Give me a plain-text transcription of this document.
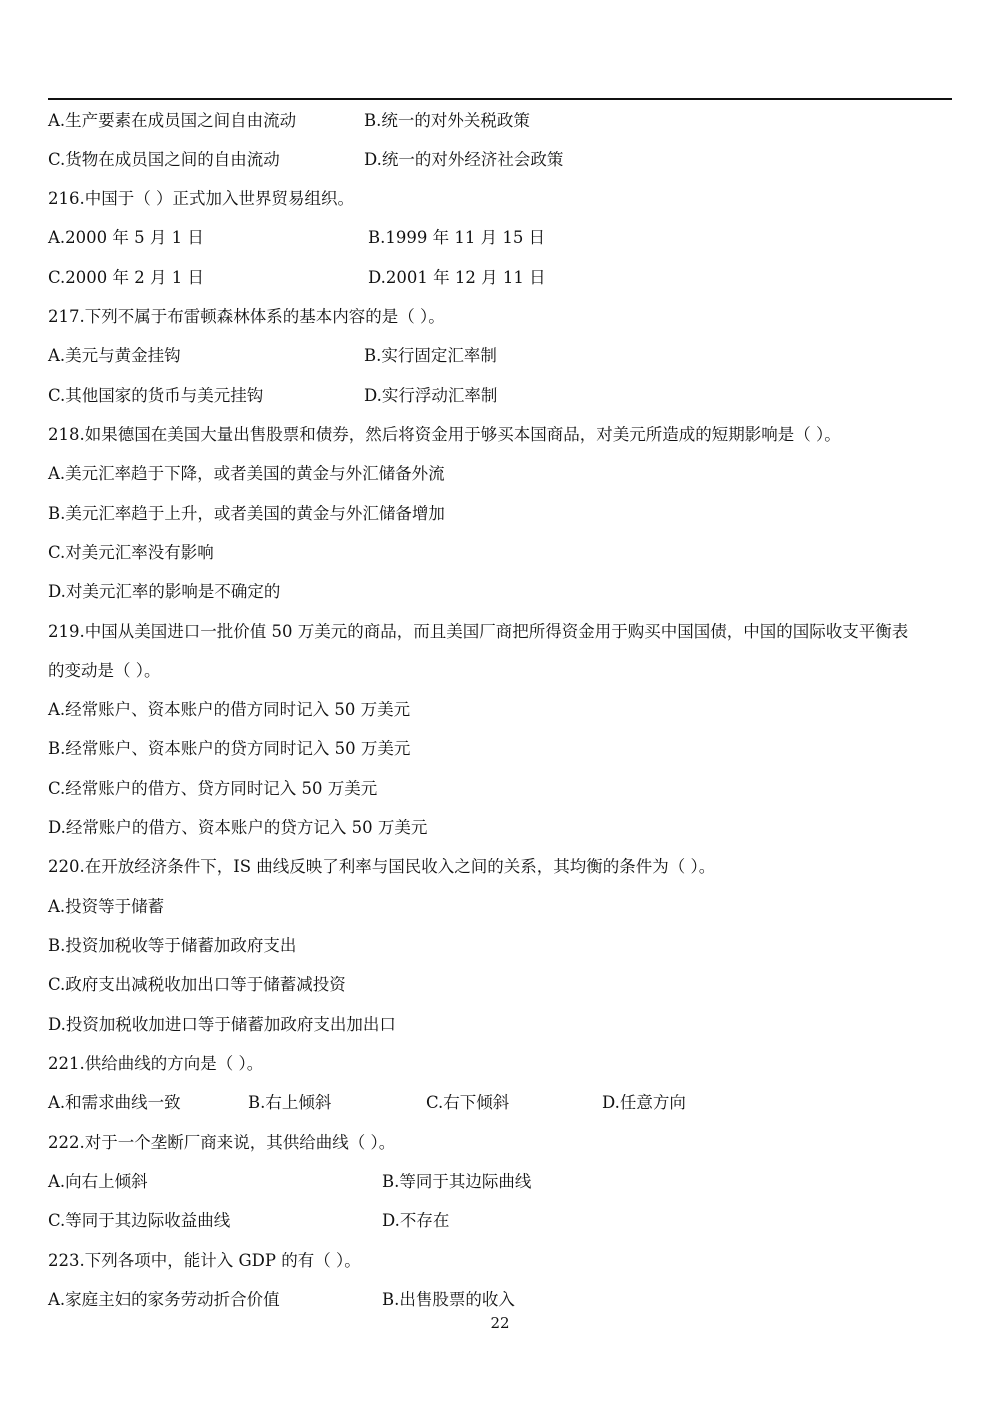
A.生产要素在成员国之间自由流动	B.统一的对外关税政策
C.货物在成员国之间的自由流动	D.统一的对外经济社会政策
216.中国于（ ）正式加入世界贸易组织。
A.2000 年 5 月 1 日	B.1999 年 11 月 15 日
C.2000 年 2 月 1 日	D.2001 年 12 月 11 日
217.下列不属于布雷顿森林体系的基本内容的是（ ）。
A.美元与黄金挂钩	B.实行固定汇率制
C.其他国家的货币与美元挂钩	D.实行浮动汇率制
218.如果德国在美国大量出售股票和债券，然后将资金用于够买本国商品，对美元所造成的短期影响是（ ）。
A.美元汇率趋于下降，或者美国的黄金与外汇储备外流
B.美元汇率趋于上升，或者美国的黄金与外汇储备增加
C.对美元汇率没有影响
D.对美元汇率的影响是不确定的
219.中国从美国进口一批价值 50 万美元的商品，而且美国厂商把所得资金用于购买中国国债，中国的国际收支平衡表
的变动是（ ）。
A.经常账户、资本账户的借方同时记入 50 万美元
B.经常账户、资本账户的贷方同时记入 50 万美元
C.经常账户的借方、贷方同时记入 50 万美元
D.经常账户的借方、资本账户的贷方记入 50 万美元
220.在开放经济条件下，IS 曲线反映了利率与国民收入之间的关系，其均衡的条件为（ ）。
A.投资等于储蓄
B.投资加税收等于储蓄加政府支出
C.政府支出减税收加出口等于储蓄减投资
D.投资加税收加进口等于储蓄加政府支出加出口
221.供给曲线的方向是（ ）。
A.和需求曲线一致	B.右上倾斜	C.右下倾斜	D.任意方向
222.对于一个垄断厂商来说，其供给曲线（ ）。
A.向右上倾斜	B.等同于其边际曲线
C.等同于其边际收益曲线	D.不存在
223.下列各项中，能计入 GDP 的有（ ）。
A.家庭主妇的家务劳动折合价值	B.出售股票的收入
22
